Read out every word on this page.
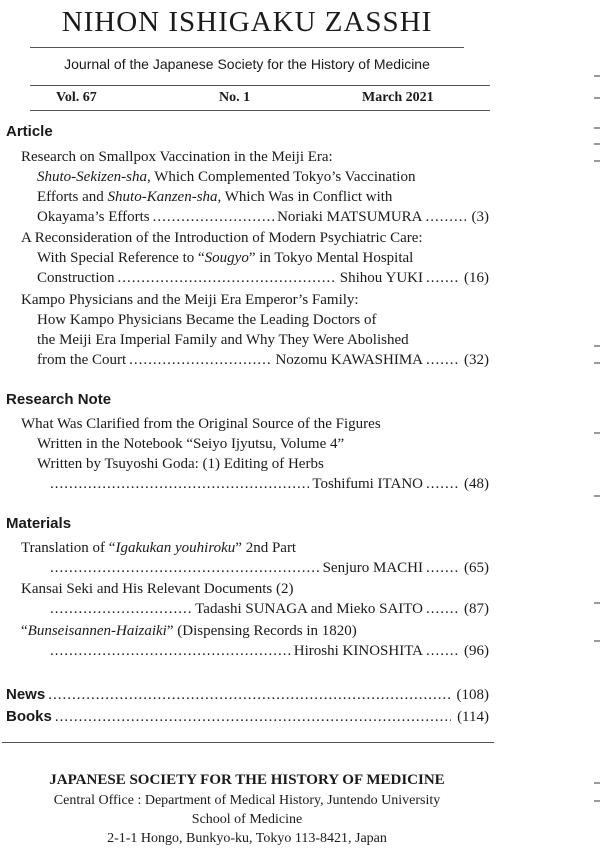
NIHON ISHIGAKU ZASSHI
Journal of the Japanese Society for the History of Medicine
Vol. 67	No. 1	March 2021
Article
Research on Smallpox Vaccination in the Meiji Era:
Shuto-Sekizen-sha, Which Complemented Tokyo’s Vaccination
Efforts and Shuto-Kanzen-sha, Which Was in Conflict with
Okayama’s Efforts .....	Noriaki MATSUMURA .....	(3)
A Reconsideration of the Introduction of Modern Psychiatric Care:
With Special Reference to “Sougyo” in Tokyo Mental Hospital
Construction .....	Shihou YUKI .....	(16)
Kampo Physicians and the Meiji Era Emperor’s Family:
How Kampo Physicians Became the Leading Doctors of
the Meiji Era Imperial Family and Why They Were Abolished
from the Court .....	Nozomu KAWASHIMA .....	(32)
Research Note
What Was Clarified from the Original Source of the Figures
Written in the Notebook “Seiyo Ijyutsu, Volume 4”
Written by Tsuyoshi Goda: (1) Editing of Herbs
.....
Toshifumi ITANO .....	(48)
Materials
Translation of “Igakukan youhiroku” 2nd Part
.....
Senjuro MACHI .....	(65)
Kansai Seki and His Relevant Documents (2)
.....
Tadashi SUNAGA and Mieko SAITO .....	(87)
“Bunseisannen-Haizaiki” (Dispensing Records in 1820)
.....
Hiroshi KINOSHITA .....	(96)
News .....	(108)
Books .....	(114)
JAPANESE SOCIETY FOR THE HISTORY OF MEDICINE
Central Office : Department of Medical History, Juntendo University
School of Medicine
2-1-1 Hongo, Bunkyo-ku, Tokyo 113-8421, Japan
